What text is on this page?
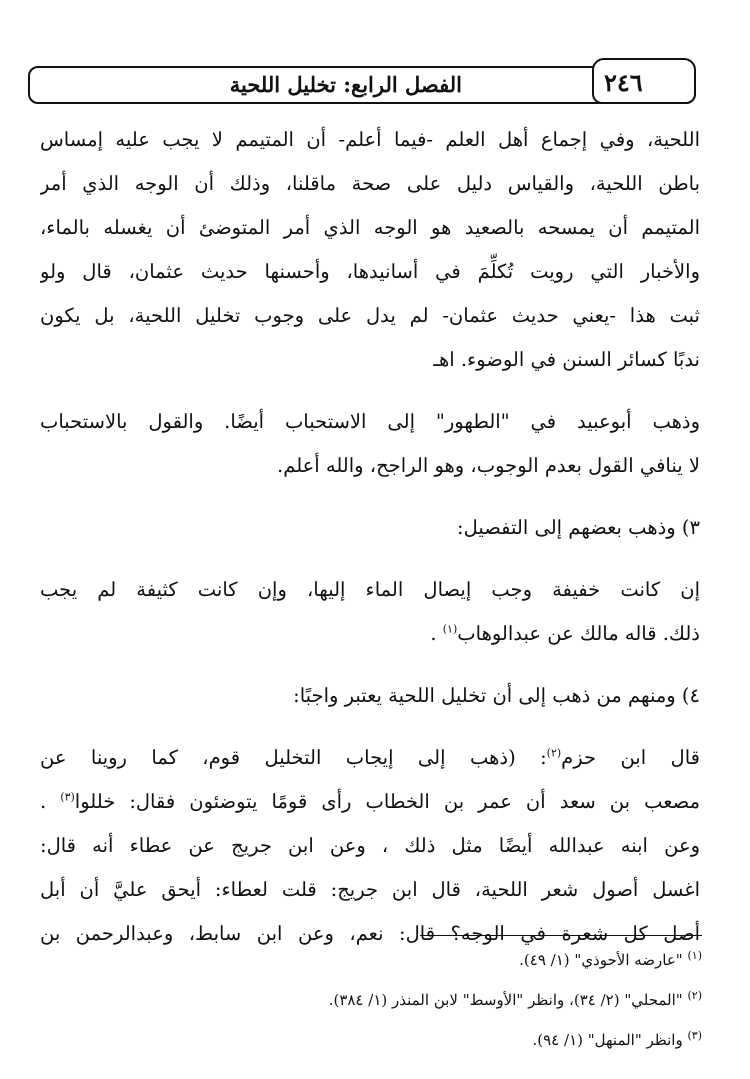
الفصل الرابع: تخليل اللحية	٢٤٦
اللحية، وفي إجماع أهل العلم -فيما أعلم- أن المتيمم لا يجب عليه إمساس
باطن اللحية، والقياس دليل على صحة ماقلنا، وذلك أن الوجه الذي أمر
المتيمم أن يمسحه بالصعيد هو الوجه الذي أمر المتوضئ أن يغسله بالماء،
والأخبار التي رويت تُكلِّمَ في أسانيدها، وأحسنها حديث عثمان، قال ولو
ثبت هذا -يعني حديث عثمان- لم يدل على وجوب تخليل اللحية، بل يكون
ندبًا كسائر السنن في الوضوء. اهـ
وذهب أبوعبيد في "الطهور" إلى الاستحباب أيضًا. والقول بالاستحباب
لا ينافي القول بعدم الوجوب، وهو الراجح، والله أعلم.
٣) وذهب بعضهم إلى التفصيل:
إن كانت خفيفة وجب إيصال الماء إليها، وإن كانت كثيفة لم يجب
ذلك. قاله مالك عن عبدالوهاب$^{(١)}$ .
٤) ومنهم من ذهب إلى أن تخليل اللحية يعتبر واجبًا:
قال ابن حزم$^{(٢)}$: (ذهب إلى إيجاب التخليل قوم، كما روينا عن
مصعب بن سعد أن عمر بن الخطاب رأى قومًا يتوضئون فقال: خللوا$^{(٣)}$ .
وعن ابنه عبدالله أيضًا مثل ذلك ، وعن ابن جريج عن عطاء أنه قال:
اغسل أصول شعر اللحية، قال ابن جريج: قلت لعطاء: أيحق عليَّ أن أبل
أصل كل شعرة في الوجه؟ قال: نعم، وعن ابن سابط، وعبدالرحمن بن
$^{(١)}$ "عارضه الأحوذي" (١/ ٤٩).
$^{(٢)}$ "المحلي" (٢/ ٣٤)، وانظر "الأوسط" لابن المنذر (١/ ٣٨٤).
$^{(٣)}$ وانظر "المنهل" (١/ ٩٤).
